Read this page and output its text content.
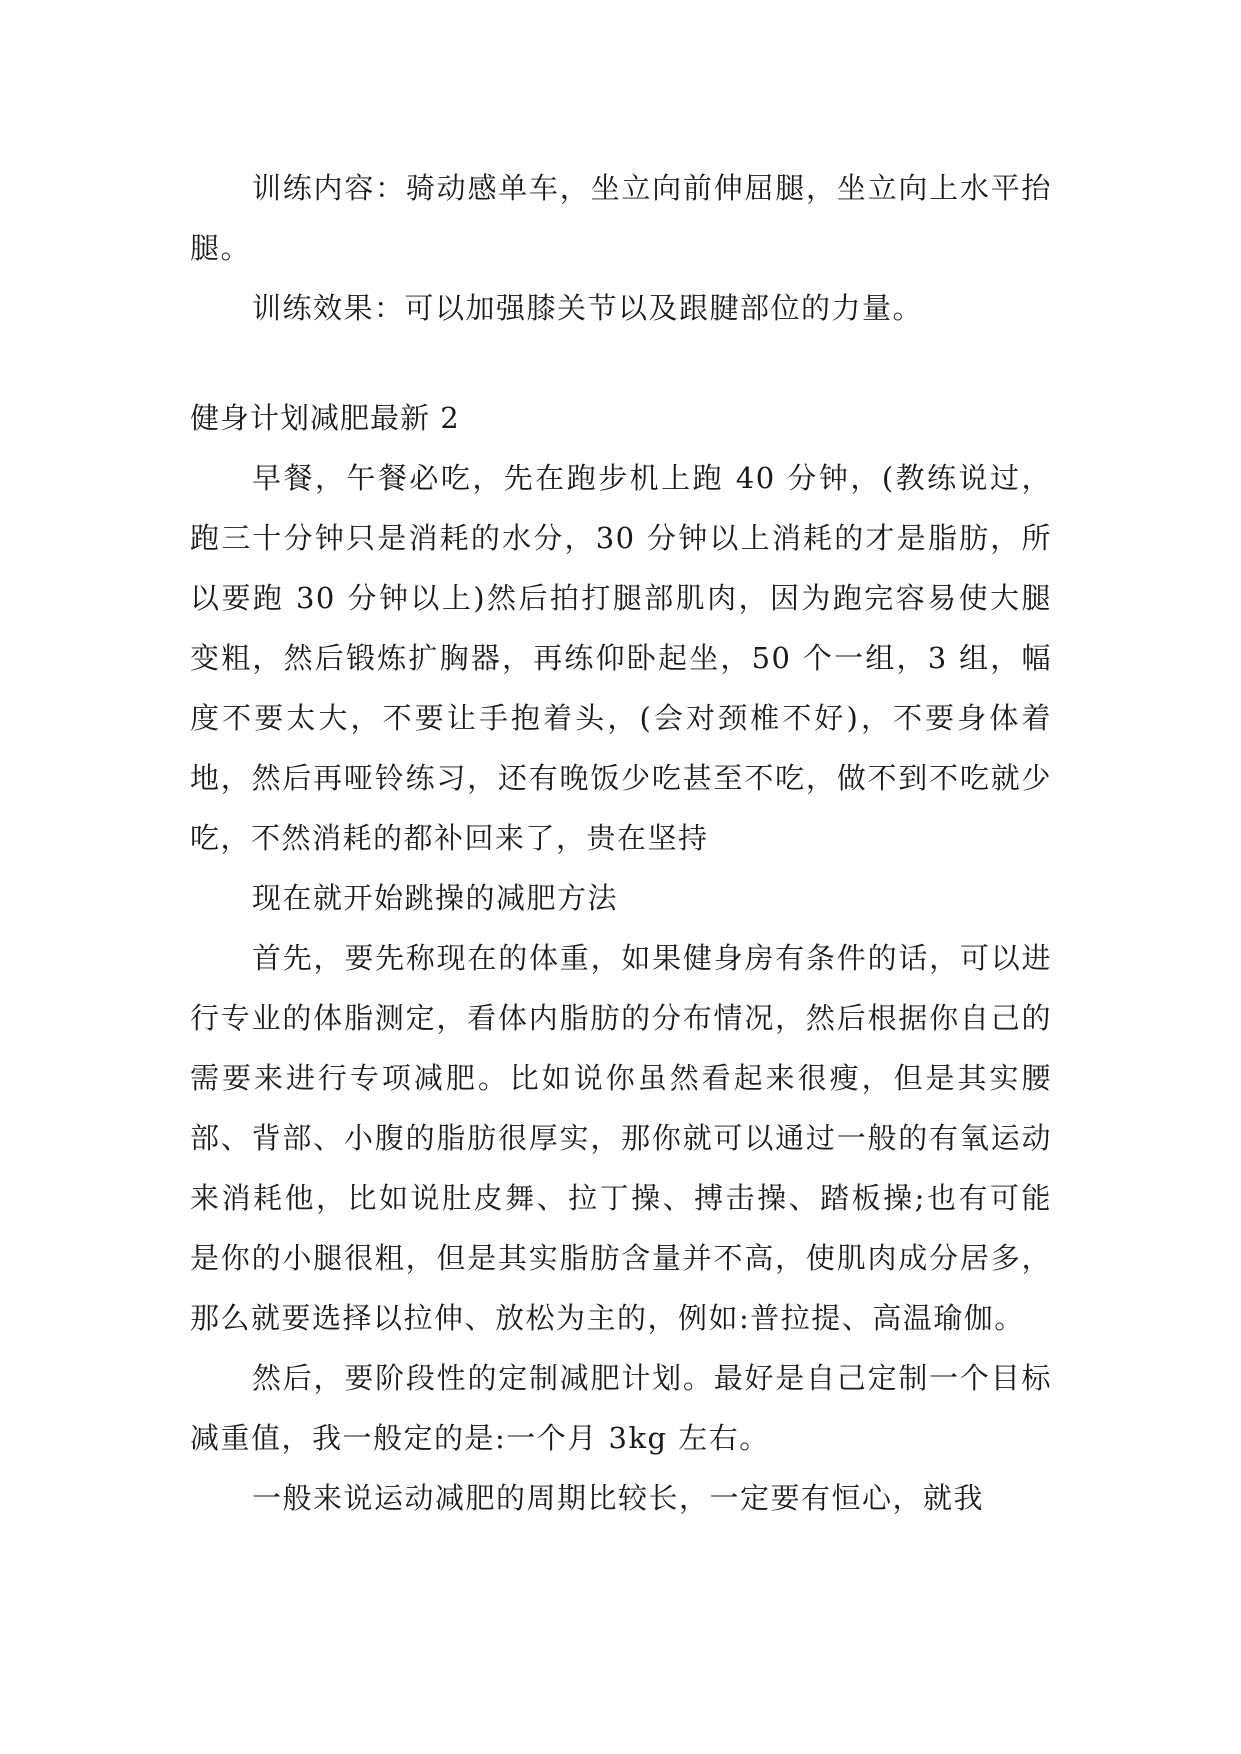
训练内容：骑动感单车，坐立向前伸屈腿，坐立向上水平抬腿。

训练效果：可以加强膝关节以及跟腱部位的力量。

健身计划减肥最新 2

早餐，午餐必吃，先在跑步机上跑 40 分钟，(教练说过，跑三十分钟只是消耗的水分，30 分钟以上消耗的才是脂肪，所以要跑 30 分钟以上)然后拍打腿部肌肉，因为跑完容易使大腿变粗，然后锻炼扩胸器，再练仰卧起坐，50 个一组，3 组，幅度不要太大，不要让手抱着头，(会对颈椎不好)，不要身体着地，然后再哑铃练习，还有晚饭少吃甚至不吃，做不到不吃就少吃，不然消耗的都补回来了，贵在坚持

现在就开始跳操的减肥方法

首先，要先称现在的体重，如果健身房有条件的话，可以进行专业的体脂测定，看体内脂肪的分布情况，然后根据你自己的需要来进行专项减肥。比如说你虽然看起来很瘦，但是其实腰部、背部、小腹的脂肪很厚实，那你就可以通过一般的有氧运动来消耗他，比如说肚皮舞、拉丁操、搏击操、踏板操;也有可能是你的小腿很粗，但是其实脂肪含量并不高，使肌肉成分居多，那么就要选择以拉伸、放松为主的，例如:普拉提、高温瑜伽。

然后，要阶段性的定制减肥计划。最好是自己定制一个目标减重值，我一般定的是:一个月 3kg 左右。

一般来说运动减肥的周期比较长，一定要有恒心，就我
